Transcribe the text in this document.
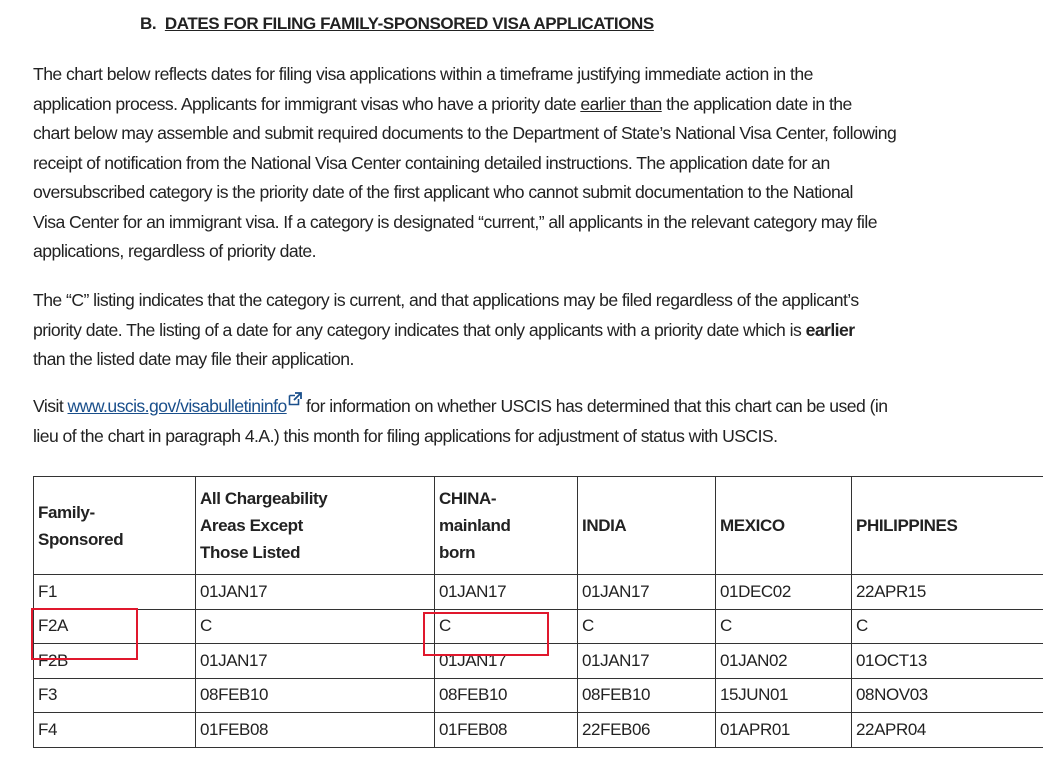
B. DATES FOR FILING FAMILY-SPONSORED VISA APPLICATIONS
The chart below reflects dates for filing visa applications within a timeframe justifying immediate action in the
application process. Applicants for immigrant visas who have a priority date earlier than the application date in the
chart below may assemble and submit required documents to the Department of State’s National Visa Center, following
receipt of notification from the National Visa Center containing detailed instructions. The application date for an
oversubscribed category is the priority date of the first applicant who cannot submit documentation to the National
Visa Center for an immigrant visa. If a category is designated “current,” all applicants in the relevant category may file
applications, regardless of priority date.
The “C” listing indicates that the category is current, and that applications may be filed regardless of the applicant’s
priority date. The listing of a date for any category indicates that only applicants with a priority date which is earlier
than the listed date may file their application.
Visit www.uscis.gov/visabulletininfo for information on whether USCIS has determined that this chart can be used (in
lieu of the chart in paragraph 4.A.) this month for filing applications for adjustment of status with USCIS.
Family-
Sponsored	All Chargeability
Areas Except
Those Listed	CHINA-
mainland
born	INDIA	MEXICO	PHILIPPINES

F1	01JAN17	01JAN17	01JAN17	01DEC02	22APR15
F2A	C	C	C	C	C
F2B	01JAN17	01JAN17	01JAN17	01JAN02	01OCT13
F3	08FEB10	08FEB10	08FEB10	15JUN01	08NOV03
F4	01FEB08	01FEB08	22FEB06	01APR01	22APR04
